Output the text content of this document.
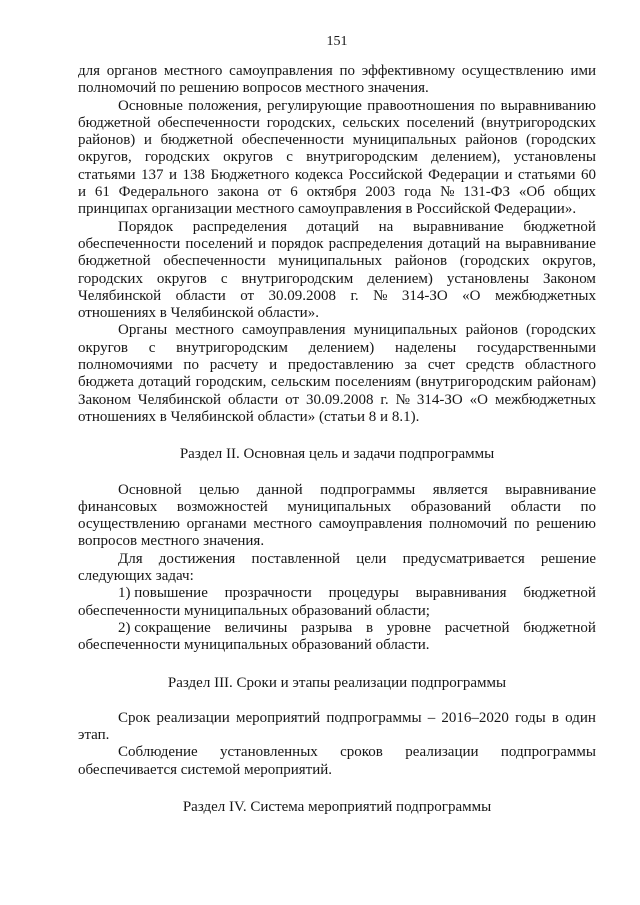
151
для органов местного самоуправления по эффективному осуществлению ими
полномочий по решению вопросов местного значения.
Основные положения, регулирующие правоотношения по выравниванию
бюджетной обеспеченности городских, сельских поселений (внутригородских
районов) и бюджетной обеспеченности муниципальных районов (городских
округов, городских округов с внутригородским делением), установлены
статьями 137 и 138 Бюджетного кодекса Российской Федерации и статьями 60
и 61 Федерального закона от 6 октября 2003 года № 131-ФЗ «Об общих
принципах организации местного самоуправления в Российской Федерации».
Порядок распределения дотаций на выравнивание бюджетной
обеспеченности поселений и порядок распределения дотаций на выравнивание
бюджетной обеспеченности муниципальных районов (городских округов,
городских округов с внутригородским делением) установлены Законом
Челябинской области от 30.09.2008 г. № 314-ЗО «О межбюджетных
отношениях в Челябинской области».
Органы местного самоуправления муниципальных районов (городских
округов с внутригородским делением) наделены государственными
полномочиями по расчету и предоставлению за счет средств областного
бюджета дотаций городским, сельским поселениям (внутригородским районам)
Законом Челябинской области от 30.09.2008 г. № 314-ЗО «О межбюджетных
отношениях в Челябинской области» (статьи 8 и 8.1).
Раздел II. Основная цель и задачи подпрограммы
Основной целью данной подпрограммы является выравнивание
финансовых возможностей муниципальных образований области по
осуществлению органами местного самоуправления полномочий по решению
вопросов местного значения.
Для достижения поставленной цели предусматривается решение
следующих задач:
1) повышение прозрачности процедуры выравнивания бюджетной
обеспеченности муниципальных образований области;
2) сокращение величины разрыва в уровне расчетной бюджетной
обеспеченности муниципальных образований области.
Раздел III. Сроки и этапы реализации подпрограммы
Срок реализации мероприятий подпрограммы – 2016–2020 годы в один
этап.
Соблюдение установленных сроков реализации подпрограммы
обеспечивается системой мероприятий.
Раздел IV. Система мероприятий подпрограммы
